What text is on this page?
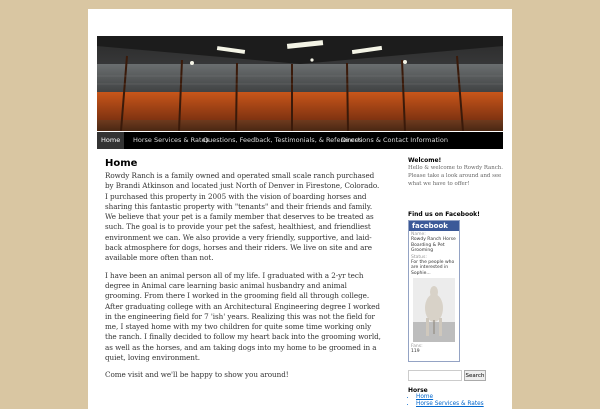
Home	Horse Services & Rates
Questions, Feedback, Testimonials, & References
Directions & Contact Information
Home

Rowdy Ranch is a family owned and operated small scale ranch purchased by Brandi Atkinson and located just North of Denver in Firestone, Colorado. I purchased this property in 2005 with the vision of boarding horses and sharing this fantastic property with "tenants" and their friends and family. We believe that your pet is a family member that deserves to be treated as such. The goal is to provide your pet the safest, healthiest, and friendliest environment we can. We also provide a very friendly, supportive, and laid-back atmosphere for dogs, horses and their riders. We live on site and are available more often than not.

I have been an animal person all of my life. I graduated with a 2-yr tech degree in Animal care learning basic animal husbandry and animal grooming. From there I worked in the grooming field all through college. After graduating college with an Architectural Engineering degree I worked in the engineering field for 7 'ish' years. Realizing this was not the field for me, I stayed home with my two children for quite some time working only the ranch. I finally decided to follow my heart back into the grooming world, as well as the horses, and am taking dogs into my home to be groomed in a quiet, loving environment.

Come visit and we'll be happy to show you around!

Welcome!

Hello & welcome to Rowdy Ranch. Please take a look around and see what we have to offer!

Find us on Facebook!

facebook
Name:
Rowdy Ranch Horse Boarding & Pet Grooming
Status:
For the people who are interested in Sophie...
Fans:
119
Search

Horse

• Home
• Horse Services & Rates
